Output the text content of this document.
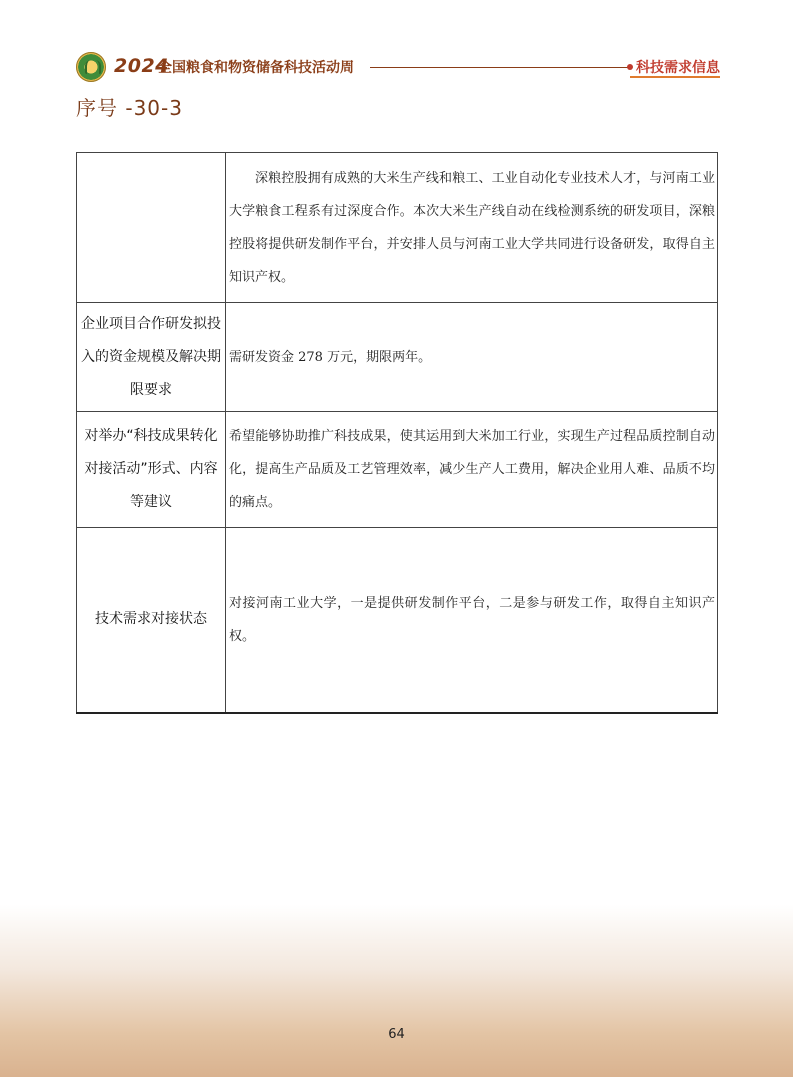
2024
全国粮食和物资储备科技活动周	科技需求信息
序号 -30-3
	深粮控股拥有成熟的大米生产线和粮工、工业自动化专业技术人才，与河南工业大学粮食工程系有过深度合作。本次大米生产线自动在线检测系统的研发项目，深粮控股将提供研发制作平台，并安排人员与河南工业大学共同进行设备研发，取得自主知识产权。
企业项目合作研发拟投入的资金规模及解决期限要求	需研发资金 278 万元，期限两年。
对举办“科技成果转化对接活动”形式、内容等建议	希望能够协助推广科技成果，使其运用到大米加工行业，实现生产过程品质控制自动化，提高生产品质及工艺管理效率，减少生产人工费用，解决企业用人难、品质不均的痛点。
技术需求对接状态	对接河南工业大学，一是提供研发制作平台，二是参与研发工作，取得自主知识产权。
64
